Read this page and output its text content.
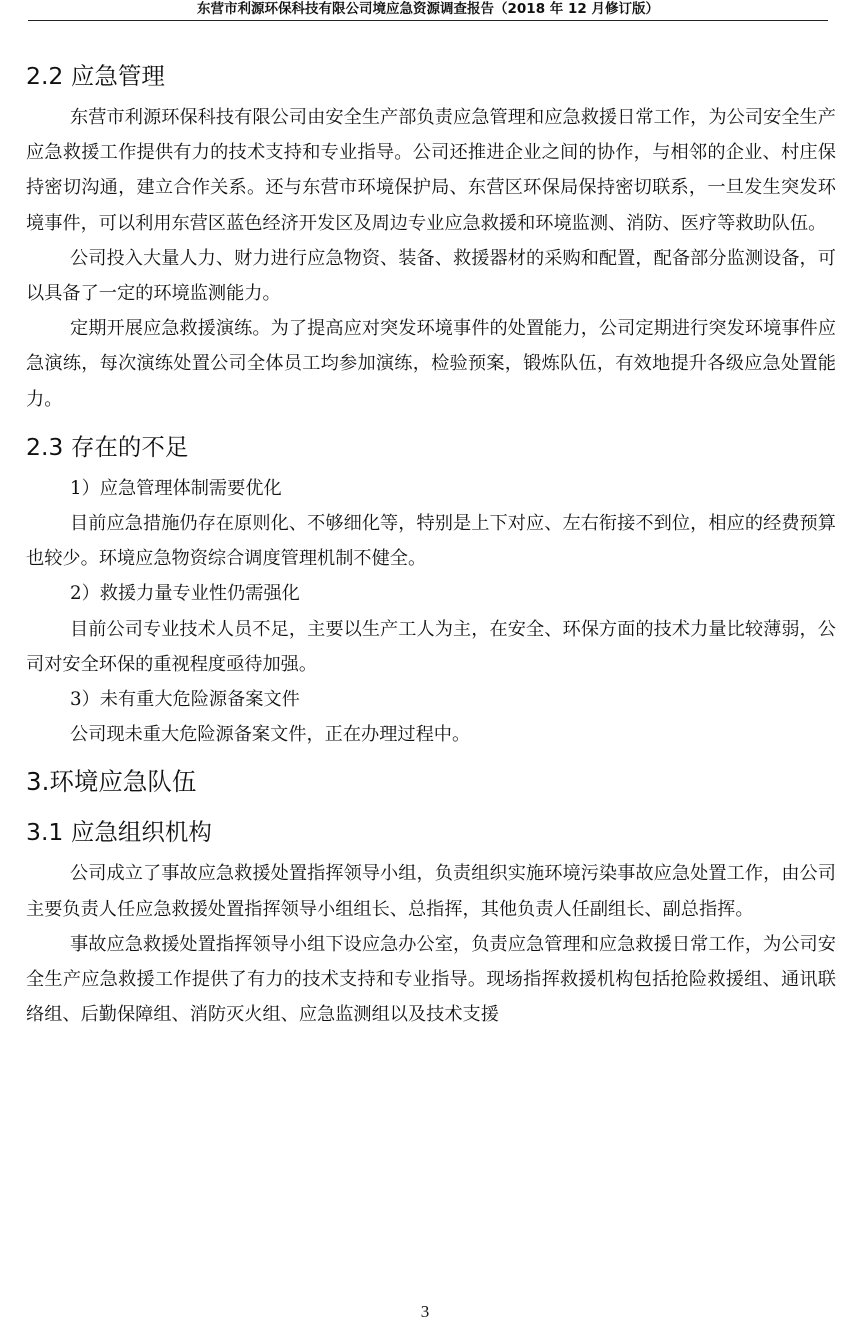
东营市利源环保科技有限公司境应急资源调查报告（2018 年 12 月修订版）
2.2 应急管理

东营市利源环保科技有限公司由安全生产部负责应急管理和应急救援日常工作，为公司安全生产应急救援工作提供有力的技术支持和专业指导。公司还推进企业之间的协作，与相邻的企业、村庄保持密切沟通，建立合作关系。还与东营市环境保护局、东营区环保局保持密切联系，一旦发生突发环境事件，可以利用东营区蓝色经济开发区及周边专业应急救援和环境监测、消防、医疗等救助队伍。

公司投入大量人力、财力进行应急物资、装备、救援器材的采购和配置，配备部分监测设备，可以具备了一定的环境监测能力。

定期开展应急救援演练。为了提高应对突发环境事件的处置能力，公司定期进行突发环境事件应急演练，每次演练处置公司全体员工均参加演练，检验预案，锻炼队伍，有效地提升各级应急处置能力。

2.3 存在的不足

1）应急管理体制需要优化

目前应急措施仍存在原则化、不够细化等，特别是上下对应、左右衔接不到位，相应的经费预算也较少。环境应急物资综合调度管理机制不健全。

2）救援力量专业性仍需强化

目前公司专业技术人员不足，主要以生产工人为主，在安全、环保方面的技术力量比较薄弱，公司对安全环保的重视程度亟待加强。

3）未有重大危险源备案文件

公司现未重大危险源备案文件，正在办理过程中。

3.环境应急队伍
3.1 应急组织机构

公司成立了事故应急救援处置指挥领导小组，负责组织实施环境污染事故应急处置工作，由公司主要负责人任应急救援处置指挥领导小组组长、总指挥，其他负责人任副组长、副总指挥。

事故应急救援处置指挥领导小组下设应急办公室，负责应急管理和应急救援日常工作，为公司安全生产应急救援工作提供了有力的技术支持和专业指导。现场指挥救援机构包括抢险救援组、通讯联络组、后勤保障组、消防灭火组、应急监测组以及技术支援

3
